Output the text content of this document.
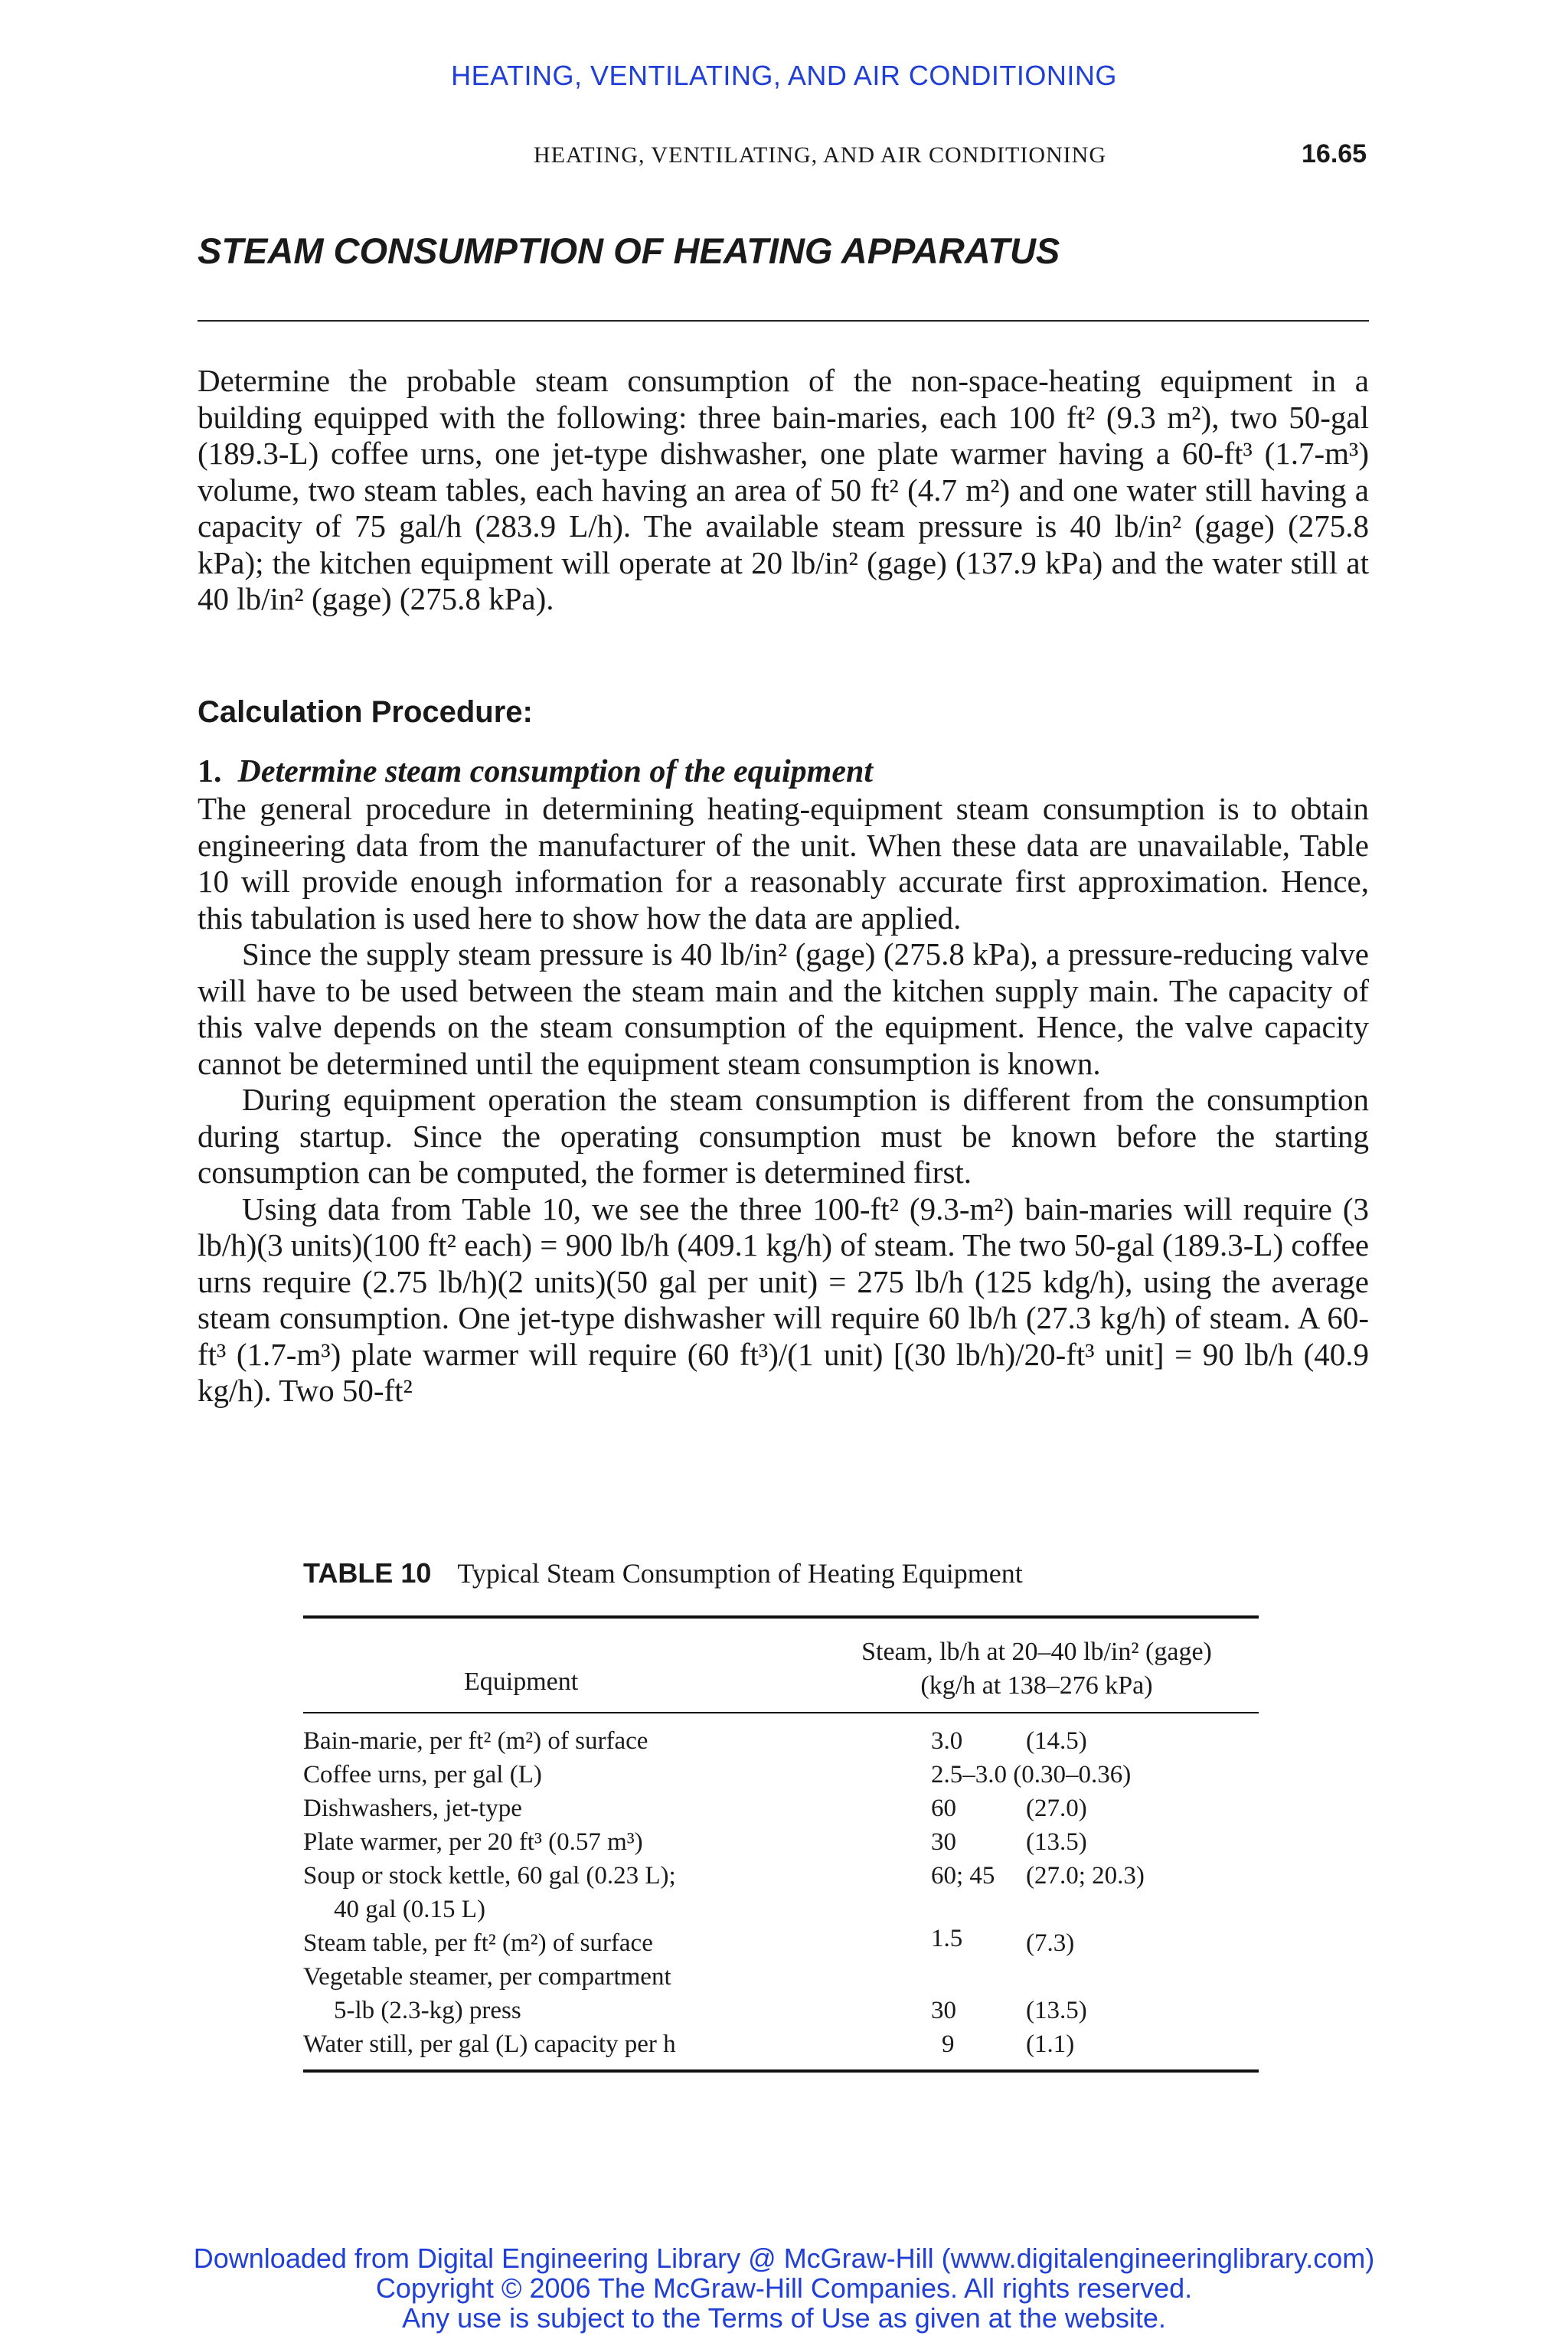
HEATING, VENTILATING, AND AIR CONDITIONING
HEATING, VENTILATING, AND AIR CONDITIONING	16.65
STEAM CONSUMPTION OF HEATING APPARATUS
Determine the probable steam consumption of the non-space-heating equipment in a building equipped with the following: three bain-maries, each 100 ft² (9.3 m²), two 50-gal (189.3-L) coffee urns, one jet-type dishwasher, one plate warmer having a 60-ft³ (1.7-m³) volume, two steam tables, each having an area of 50 ft² (4.7 m²) and one water still having a capacity of 75 gal/h (283.9 L/h). The available steam pressure is 40 lb/in² (gage) (275.8 kPa); the kitchen equipment will operate at 20 lb/in² (gage) (137.9 kPa) and the water still at 40 lb/in² (gage) (275.8 kPa).
Calculation Procedure:
1. Determine steam consumption of the equipment
The general procedure in determining heating-equipment steam consumption is to obtain engineering data from the manufacturer of the unit. When these data are unavailable, Table 10 will provide enough information for a reasonably accurate first approximation. Hence, this tabulation is used here to show how the data are applied.
Since the supply steam pressure is 40 lb/in² (gage) (275.8 kPa), a pressure-reducing valve will have to be used between the steam main and the kitchen supply main. The capacity of this valve depends on the steam consumption of the equipment. Hence, the valve capacity cannot be determined until the equipment steam consumption is known.
During equipment operation the steam consumption is different from the consumption during startup. Since the operating consumption must be known before the starting consumption can be computed, the former is determined first.
Using data from Table 10, we see the three 100-ft² (9.3-m²) bain-maries will require (3 lb/h)(3 units)(100 ft² each) = 900 lb/h (409.1 kg/h) of steam. The two 50-gal (189.3-L) coffee urns require (2.75 lb/h)(2 units)(50 gal per unit) = 275 lb/h (125 kdg/h), using the average steam consumption. One jet-type dishwasher will require 60 lb/h (27.3 kg/h) of steam. A 60-ft³ (1.7-m³) plate warmer will require (60 ft³)/(1 unit) [(30 lb/h)/20-ft³ unit] = 90 lb/h (40.9 kg/h). Two 50-ft²
TABLE 10 Typical Steam Consumption of Heating Equipment
Equipment
Steam, lb/h at 20–40 lb/in² (gage)
(kg/h at 138–276 kPa)
Bain-marie, per ft² (m²) of surface	3.0	(14.5)
Coffee urns, per gal (L)	2.5–3.0 (0.30–0.36)
Dishwashers, jet-type	60	(27.0)
Plate warmer, per 20 ft³ (0.57 m³)	30	(13.5)
Soup or stock kettle, 60 gal (0.23 L);	60; 45 (27.0; 20.3)
40 gal (0.15 L)
Steam table, per ft² (m²) of surface	1.5	(7.3)
Vegetable steamer, per compartment
5-lb (2.3-kg) press	30	(13.5)
Water still, per gal (L) capacity per h	9	(1.1)
Downloaded from Digital Engineering Library @ McGraw-Hill (www.digitalengineeringlibrary.com)
Copyright © 2006 The McGraw-Hill Companies. All rights reserved.
Any use is subject to the Terms of Use as given at the website.
